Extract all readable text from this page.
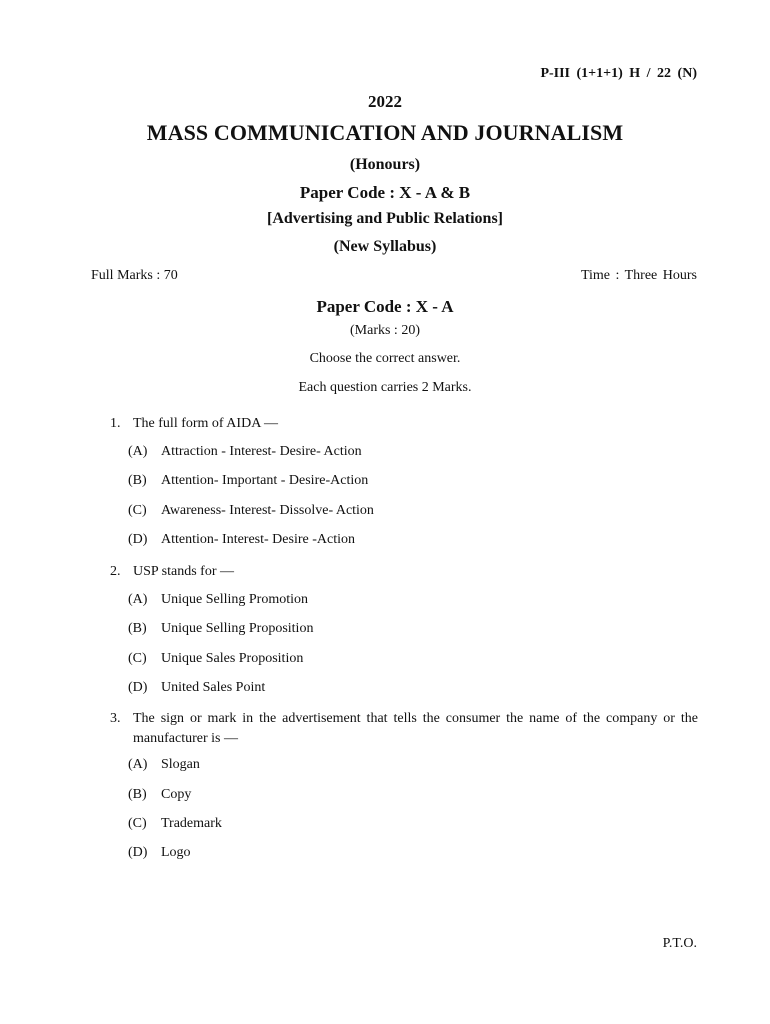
P-III (1+1+1) H / 22 (N)
2022
MASS COMMUNICATION AND JOURNALISM
(Honours)
Paper Code : X - A & B
[Advertising and Public Relations]
(New Syllabus)
Full Marks : 70	Time : Three Hours
Paper Code : X - A
(Marks : 20)
Choose the correct answer.
Each question carries 2 Marks.
1. The full form of AIDA —
(A) Attraction - Interest- Desire- Action
(B) Attention- Important - Desire-Action
(C) Awareness- Interest- Dissolve- Action
(D) Attention- Interest- Desire -Action
2. USP stands for —
(A) Unique Selling Promotion
(B) Unique Selling Proposition
(C) Unique Sales Proposition
(D) United Sales Point
3. The sign or mark in the advertisement that tells the consumer the name of the company or the manufacturer is —
(A) Slogan
(B) Copy
(C) Trademark
(D) Logo
P.T.O.
